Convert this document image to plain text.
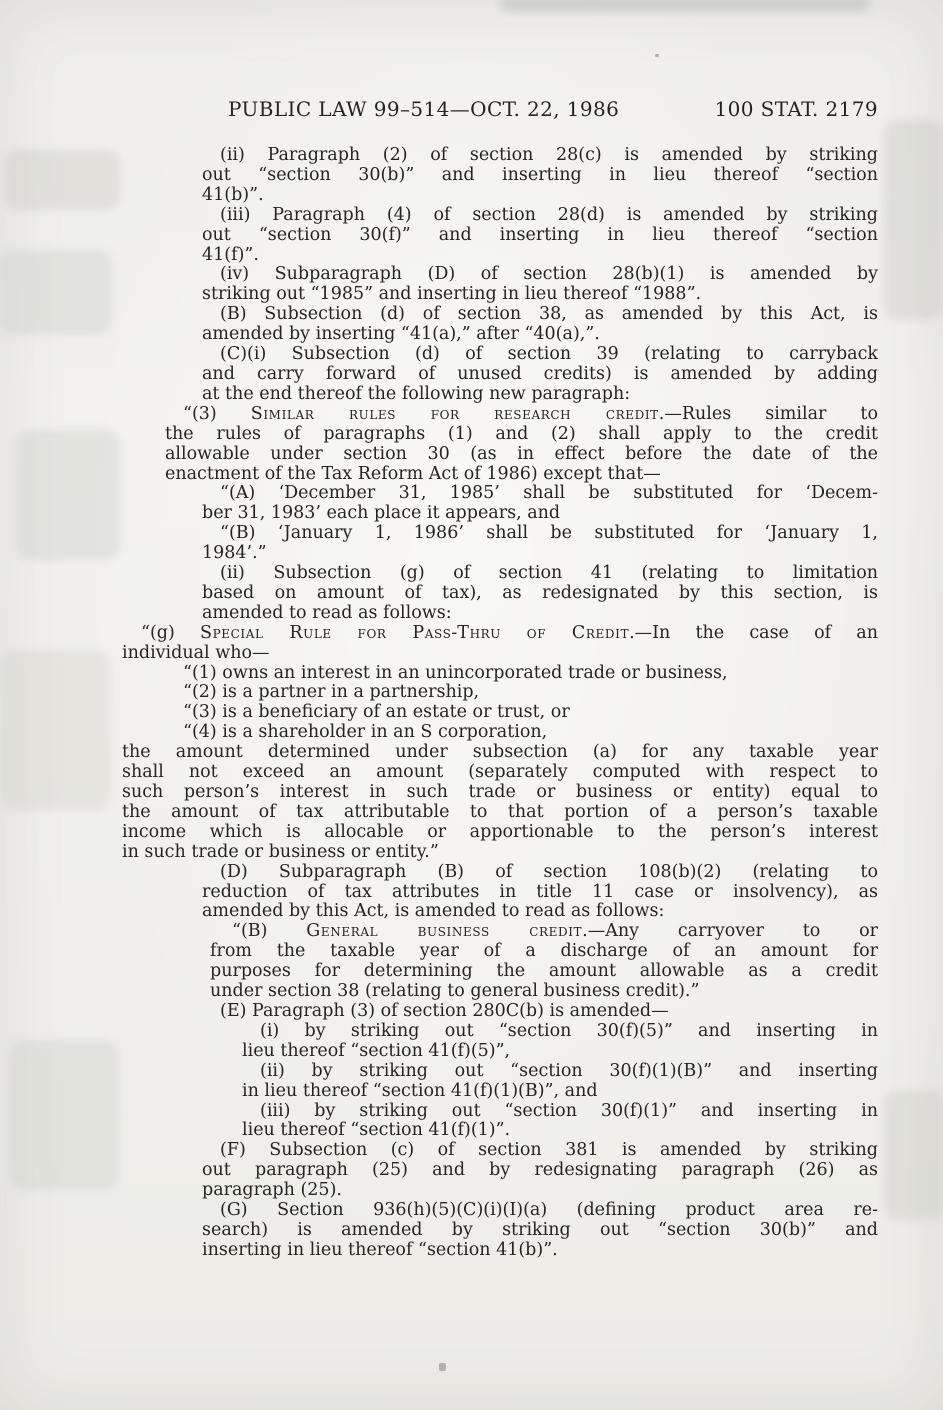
PUBLIC LAW 99–514—OCT. 22, 1986	100 STAT. 2179
(ii) Paragraph (2) of section 28(c) is amended by striking
out “section 30(b)” and inserting in lieu thereof “section
41(b)”.
(iii) Paragraph (4) of section 28(d) is amended by striking
out “section 30(f)” and inserting in lieu thereof “section
41(f)”.
(iv) Subparagraph (D) of section 28(b)(1) is amended by
striking out “1985” and inserting in lieu thereof “1988”.
(B) Subsection (d) of section 38, as amended by this Act, is
amended by inserting “41(a),” after “40(a),”.
(C)(i) Subsection (d) of section 39 (relating to carryback
and carry forward of unused credits) is amended by adding
at the end thereof the following new paragraph:
“(3) Similar rules for research credit.—Rules similar to
the rules of paragraphs (1) and (2) shall apply to the credit
allowable under section 30 (as in effect before the date of the
enactment of the Tax Reform Act of 1986) except that—
“(A) ‘December 31, 1985’ shall be substituted for ‘Decem-
ber 31, 1983’ each place it appears, and
“(B) ‘January 1, 1986’ shall be substituted for ‘January 1,
1984’.”
(ii) Subsection (g) of section 41 (relating to limitation
based on amount of tax), as redesignated by this section, is
amended to read as follows:
“(g) Special Rule for Pass-Thru of Credit.—In the case of an
individual who—
“(1) owns an interest in an unincorporated trade or business,
“(2) is a partner in a partnership,
“(3) is a beneficiary of an estate or trust, or
“(4) is a shareholder in an S corporation,
the amount determined under subsection (a) for any taxable year
shall not exceed an amount (separately computed with respect to
such person’s interest in such trade or business or entity) equal to
the amount of tax attributable to that portion of a person’s taxable
income which is allocable or apportionable to the person’s interest
in such trade or business or entity.”
(D) Subparagraph (B) of section 108(b)(2) (relating to
reduction of tax attributes in title 11 case or insolvency), as
amended by this Act, is amended to read as follows:
“(B) General business credit.—Any carryover to or
from the taxable year of a discharge of an amount for
purposes for determining the amount allowable as a credit
under section 38 (relating to general business credit).”
(E) Paragraph (3) of section 280C(b) is amended—
(i) by striking out “section 30(f)(5)” and inserting in
lieu thereof “section 41(f)(5)”,
(ii) by striking out “section 30(f)(1)(B)” and inserting
in lieu thereof “section 41(f)(1)(B)”, and
(iii) by striking out “section 30(f)(1)” and inserting in
lieu thereof “section 41(f)(1)”.
(F) Subsection (c) of section 381 is amended by striking
out paragraph (25) and by redesignating paragraph (26) as
paragraph (25).
(G) Section 936(h)(5)(C)(i)(I)(a) (defining product area re-
search) is amended by striking out “section 30(b)” and
inserting in lieu thereof “section 41(b)”.
